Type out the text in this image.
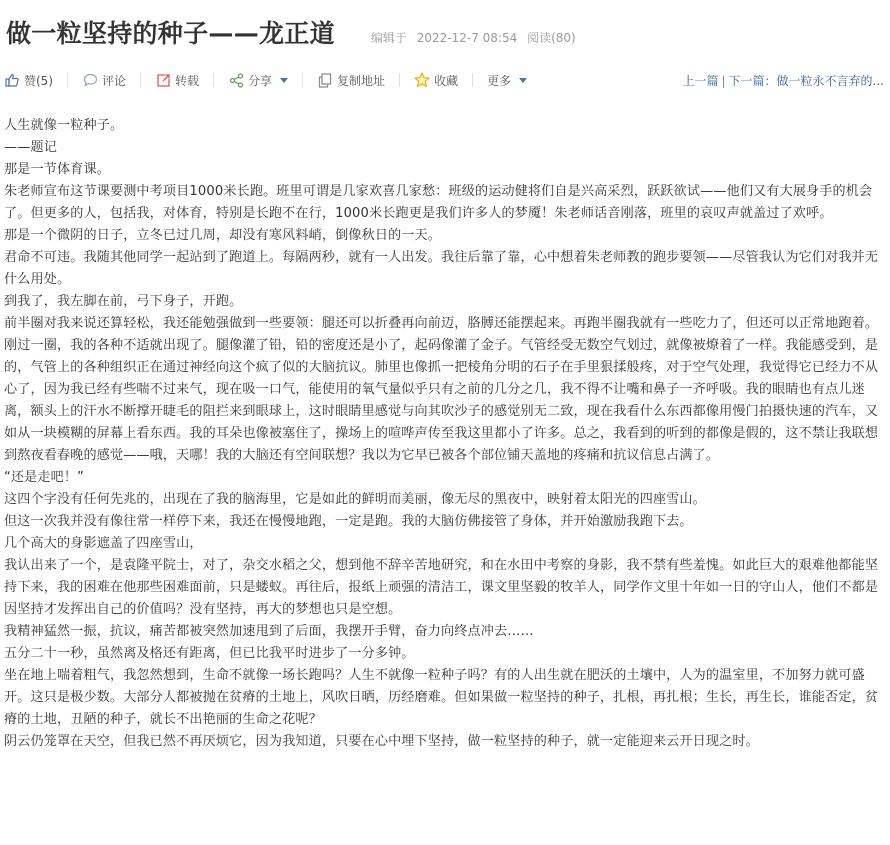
做一粒坚持的种子——龙正道	编辑于 2022-12-7 08:54 阅读(80)
赞(5)	评论	转载	分享	复制地址	收藏 更多	上一篇 | 下一篇：做一粒永不言弃的...

人生就像一粒种子。

——题记

那是一节体育课。

朱老师宣布这节课要测中考项目1000米长跑。班里可谓是几家欢喜几家愁：班级的运动健将们自是兴高采烈，跃跃欲试——他们又有大展身手的机会了。但更多的人，包括我，对体育，特别是长跑不在行，1000米长跑更是我们许多人的梦魇！朱老师话音刚落，班里的哀叹声就盖过了欢呼。

那是一个微阴的日子，立冬已过几周，却没有寒风料峭，倒像秋日的一天。

君命不可违。我随其他同学一起站到了跑道上。每隔两秒，就有一人出发。我往后靠了靠，心中想着朱老师教的跑步要领——尽管我认为它们对我并无什么用处。

到我了，我左脚在前，弓下身子，开跑。

前半圈对我来说还算轻松，我还能勉强做到一些要领：腿还可以折叠再向前迈，胳膊还能摆起来。再跑半圈我就有一些吃力了，但还可以正常地跑着。

刚过一圈，我的各种不适就出现了。腿像灌了铅，铅的密度还是小了，起码像灌了金子。气管经受无数空气划过，就像被燎着了一样。我能感受到，是的，气管上的各种组织正在通过神经向这个疯了似的大脑抗议。肺里也像抓一把棱角分明的石子在手里狠揉般疼，对于空气处理，我觉得它已经力不从心了，因为我已经有些喘不过来气，现在吸一口气，能使用的氧气量似乎只有之前的几分之几，我不得不让嘴和鼻子一齐呼吸。我的眼睛也有点儿迷离，额头上的汗水不断撑开睫毛的阻拦来到眼球上，这时眼睛里感觉与向其吹沙子的感觉别无二致，现在我看什么东西都像用慢门拍摄快速的汽车，又如从一块模糊的屏幕上看东西。我的耳朵也像被塞住了，操场上的喧哗声传至我这里都小了许多。总之，我看到的听到的都像是假的，这不禁让我联想到熬夜看春晚的感觉——哦，天哪！我的大脑还有空间联想？我以为它早已被各个部位铺天盖地的疼痛和抗议信息占满了。

“还是走吧！”

这四个字没有任何先兆的，出现在了我的脑海里，它是如此的鲜明而美丽，像无尽的黑夜中，映射着太阳光的四座雪山。

但这一次我并没有像往常一样停下来，我还在慢慢地跑，一定是跑。我的大脑仿佛接管了身体，并开始激励我跑下去。

几个高大的身影遮盖了四座雪山，

我认出来了一个，是袁隆平院士，对了，杂交水稻之父，想到他不辞辛苦地研究，和在水田中考察的身影，我不禁有些羞愧。如此巨大的艰难他都能坚持下来，我的困难在他那些困难面前，只是蝼蚁。再往后，报纸上顽强的清洁工，课文里坚毅的牧羊人，同学作文里十年如一日的守山人，他们不都是因坚持才发挥出自己的价值吗？没有坚持，再大的梦想也只是空想。

我精神猛然一振，抗议，痛苦都被突然加速甩到了后面，我摆开手臂，奋力向终点冲去……

五分二十一秒，虽然离及格还有距离，但已比我平时进步了一分多钟。

坐在地上喘着粗气，我忽然想到，生命不就像一场长跑吗？人生不就像一粒种子吗？有的人出生就在肥沃的土壤中，人为的温室里，不加努力就可盛开。这只是极少数。大部分人都被抛在贫瘠的土地上，风吹日晒，历经磨难。但如果做一粒坚持的种子，扎根，再扎根；生长，再生长，谁能否定，贫瘠的土地，丑陋的种子，就长不出艳丽的生命之花呢？

阴云仍笼罩在天空，但我已然不再厌烦它，因为我知道，只要在心中埋下坚持，做一粒坚持的种子，就一定能迎来云开日现之时。
